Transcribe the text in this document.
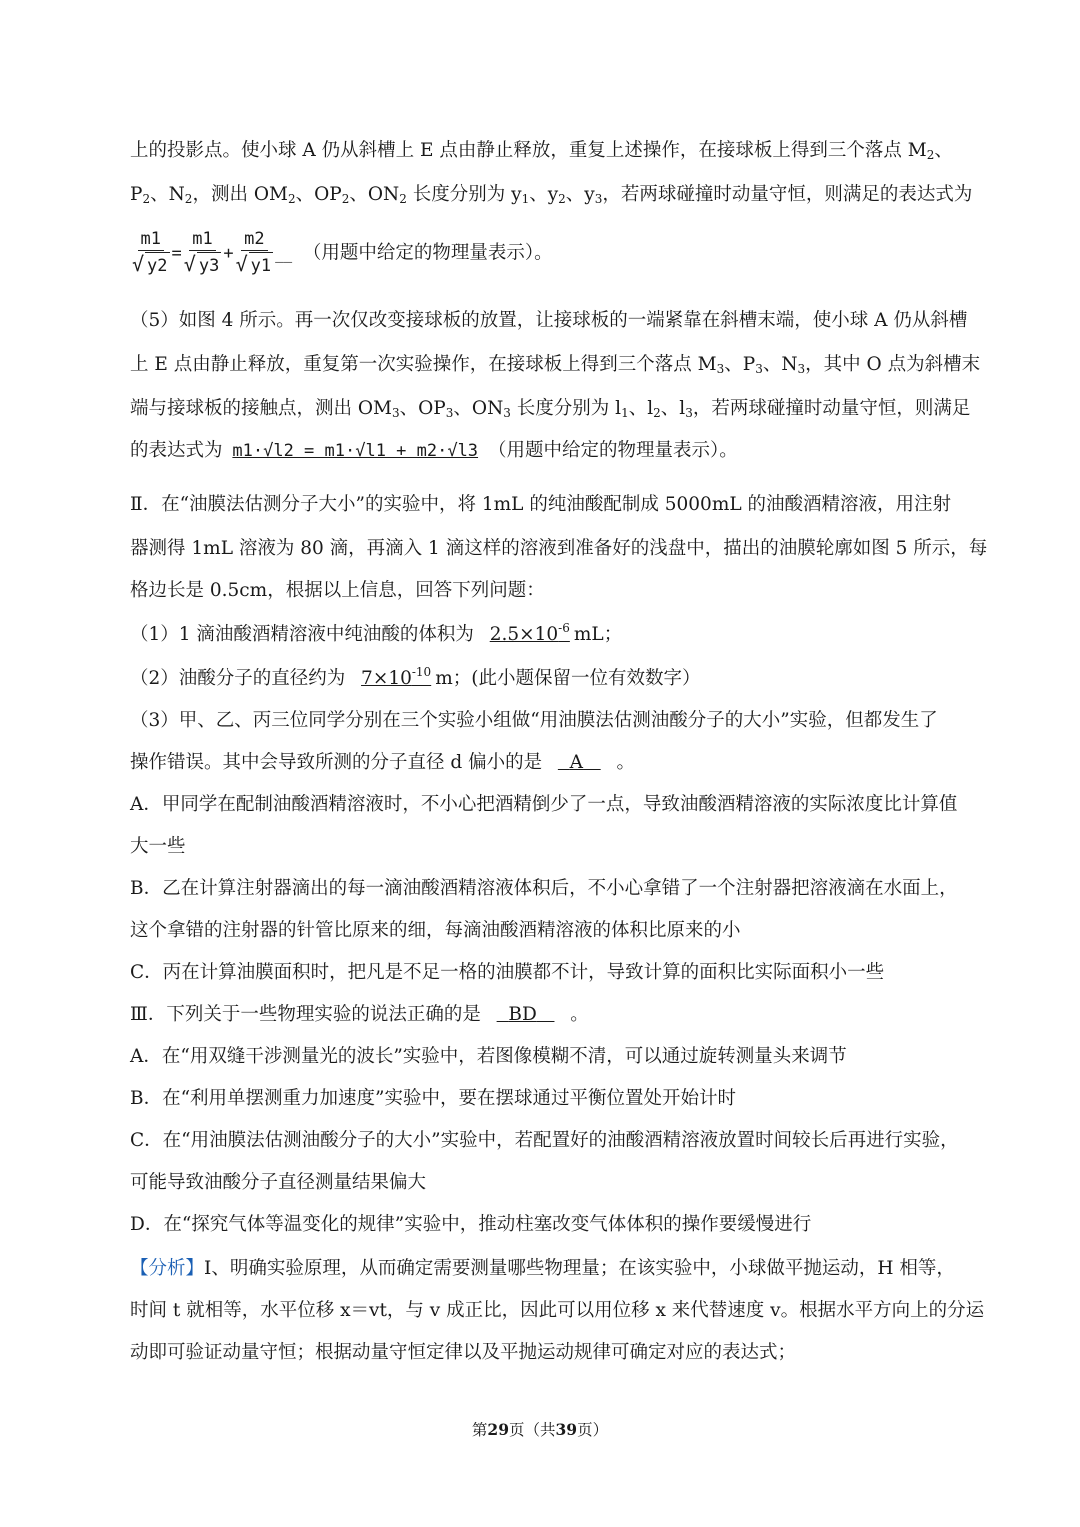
上的投影点。使小球 A 仍从斜槽上 E 点由静止释放，重复上述操作，在接球板上得到三个落点 $M_2$、
$P_2$、$N_2$，测出 $OM_2$、$OP_2$、$ON_2$ 长度分别为 $y_1$、$y_2$、$y_3$，若两球碰撞时动量守恒，则满足的表达式为
$\frac{m1}{√ y2} = \frac{m1}{√ y3} + \frac{m2}{√ y1}$ __  （用题中给定的物理量表示）。
（5）如图 4 所示。再一次仅改变接球板的放置，让接球板的一端紧靠在斜槽末端，使小球 A 仍从斜槽
上 E 点由静止释放，重复第一次实验操作，在接球板上得到三个落点 $M_3$、$P_3$、$N_3$，其中 O 点为斜槽末
端与接球板的接触点，测出 $OM_3$、$OP_3$、$ON_3$ 长度分别为 $l_1$、$l_2$、$l_3$，若两球碰撞时动量守恒，则满足
的表达式为 m1·√l2 = m1·√l1 + m2·√l3 （用题中给定的物理量表示）。
Ⅱ．在“油膜法估测分子大小”的实验中，将 1mL 的纯油酸配制成 5000mL 的油酸酒精溶液，用注射
器测得 1mL 溶液为 80 滴，再滴入 1 滴这样的溶液到准备好的浅盘中，描出的油膜轮廓如图 5 所示，每
格边长是 0.5cm，根据以上信息，回答下列问题：
（1）1 滴油酸酒精溶液中纯油酸的体积为 $2.5\times 10^{-6}$ mL；
（2）油酸分子的直径约为 $7\times 10^{-10}$ m；(此小题保留一位有效数字）
（3）甲、乙、丙三位同学分别在三个实验小组做“用油膜法估测油酸分子的大小”实验，但都发生了
操作错误。其中会导致所测的分子直径 d 偏小的是 A 。
A．甲同学在配制油酸酒精溶液时，不小心把酒精倒少了一点，导致油酸酒精溶液的实际浓度比计算值
大一些
B．乙在计算注射器滴出的每一滴油酸酒精溶液体积后，不小心拿错了一个注射器把溶液滴在水面上，
这个拿错的注射器的针管比原来的细，每滴油酸酒精溶液的体积比原来的小
C．丙在计算油膜面积时，把凡是不足一格的油膜都不计，导致计算的面积比实际面积小一些
Ⅲ．下列关于一些物理实验的说法正确的是 BD 。
A．在“用双缝干涉测量光的波长”实验中，若图像模糊不清，可以通过旋转测量头来调节
B．在“利用单摆测重力加速度”实验中，要在摆球通过平衡位置处开始计时
C．在“用油膜法估测油酸分子的大小”实验中，若配置好的油酸酒精溶液放置时间较长后再进行实验，
可能导致油酸分子直径测量结果偏大
D．在“探究气体等温变化的规律”实验中，推动柱塞改变气体体积的操作要缓慢进行
【分析】Ⅰ、明确实验原理，从而确定需要测量哪些物理量；在该实验中，小球做平抛运动，H 相等，
时间 t 就相等，水平位移 x＝vt，与 v 成正比，因此可以用位移 x 来代替速度 v。根据水平方向上的分运
动即可验证动量守恒；根据动量守恒定律以及平抛运动规律可确定对应的表达式；
第29页（共39页）
